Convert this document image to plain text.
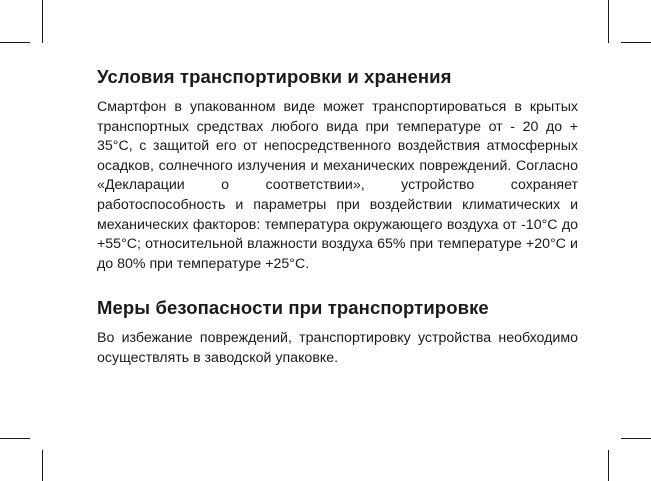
Условия транспортировки и хранения

Смартфон в упакованном виде может транспортироваться в крытых транспортных средствах любого вида при температуре от - 20 до + 35°С, с защитой его от непосредственного воздействия атмосферных осадков, солнечного излучения и механических повреждений. Согласно «Декларации о соответствии», устройство сохраняет работоспособность и параметры при воздействии климатических и механических факторов: температура окружающего воздуха от -10°С до +55°С; относительной влажности воздуха 65% при температуре +20°С и до 80% при температуре +25°С.

Меры безопасности при транспортировке

Во избежание повреждений, транспортировку устройства необходимо осуществлять в заводской упаковке.
